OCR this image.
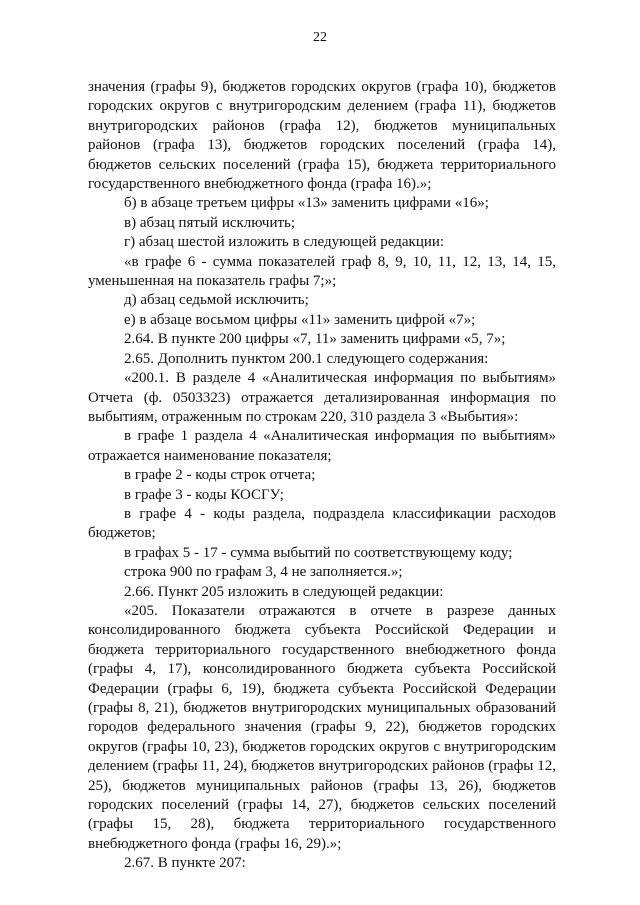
22

значения (графы 9), бюджетов городских округов (графа 10), бюджетов городских округов с внутригородским делением (графа 11), бюджетов внутригородских районов (графа 12), бюджетов муниципальных районов (графа 13), бюджетов городских поселений (графа 14), бюджетов сельских поселений (графа 15), бюджета территориального государственного внебюджетного фонда (графа 16).»;

б) в абзаце третьем цифры «13» заменить цифрами «16»;

в) абзац пятый исключить;

г) абзац шестой изложить в следующей редакции:

«в графе 6 - сумма показателей граф 8, 9, 10, 11, 12, 13, 14, 15, уменьшенная на показатель графы 7;»;

д) абзац седьмой исключить;

е) в абзаце восьмом цифры «11» заменить цифрой «7»;

2.64. В пункте 200 цифры «7, 11» заменить цифрами «5, 7»;

2.65. Дополнить пунктом 200.1 следующего содержания:

«200.1. В разделе 4 «Аналитическая информация по выбытиям» Отчета (ф. 0503323) отражается детализированная информация по выбытиям, отраженным по строкам 220, 310 раздела 3 «Выбытия»:

в графе 1 раздела 4 «Аналитическая информация по выбытиям» отражается наименование показателя;

в графе 2 - коды строк отчета;

в графе 3 - коды КОСГУ;

в графе 4 - коды раздела, подраздела классификации расходов бюджетов;

в графах 5 - 17 - сумма выбытий по соответствующему коду;

строка 900 по графам 3, 4 не заполняется.»;

2.66. Пункт 205 изложить в следующей редакции:

«205. Показатели отражаются в отчете в разрезе данных консолидированного бюджета субъекта Российской Федерации и бюджета территориального государственного внебюджетного фонда (графы 4, 17), консолидированного бюджета субъекта Российской Федерации (графы 6, 19), бюджета субъекта Российской Федерации (графы 8, 21), бюджетов внутригородских муниципальных образований городов федерального значения (графы 9, 22), бюджетов городских округов (графы 10, 23), бюджетов городских округов с внутригородским делением (графы 11, 24), бюджетов внутригородских районов (графы 12, 25), бюджетов муниципальных районов (графы 13, 26), бюджетов городских поселений (графы 14, 27), бюджетов сельских поселений (графы 15, 28), бюджета территориального государственного внебюджетного фонда (графы 16, 29).»;

2.67. В пункте 207:
